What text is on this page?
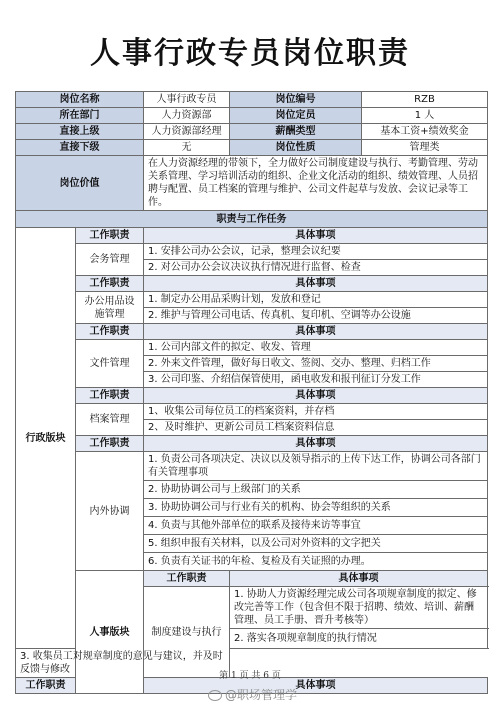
人事行政专员岗位职责
岗位名称		人事行政专员	岗位编号	RZB
所在部门		人力资源部	岗位定员	1 人
直接上级		人力资源部经理	薪酬类型	基本工资+绩效奖金
直接下级		无	岗位性质	管理类
岗位价值		在人力资源经理的带领下，全力做好公司制度建设与执行、考勤管理、劳动关系管理、学习培训活动的组织、企业文化活动的组织、绩效管理、人员招聘与配置、员工档案的管理与维护、公司文件起草与发放、会议记录等工作。		
职责与工作任务				
行政版块	工作职责	具体事项		
	会务管理	1. 安排公司办公会议，记录，整理会议纪要		
		2. 对公司办公会议决议执行情况进行监督、检查		
	工作职责	具体事项		
	办公用品设施管理	1. 制定办公用品采购计划，发放和登记		
		2. 维护与管理公司电话、传真机、复印机、空调等办公设施		
	工作职责	具体事项		
	文件管理	1. 公司内部文件的拟定、收发、管理		
		2. 外来文件管理，做好每日收文、签阅、交办、整理、归档工作		
		3. 公司印鉴、介绍信保管使用，函电收发和报刊征订分发工作		
	工作职责	具体事项		
	档案管理	1、收集公司每位员工的档案资料，并存档		
		2、及时维护、更新公司员工档案资料信息		
	工作职责	具体事项		
	内外协调	1. 负责公司各项决定、决议以及领导指示的上传下达工作，协调公司各部门有关管理事项		
		2. 协助协调公司与上级部门的关系		
		3. 协助协调公司与行业有关的机构、协会等组织的关系		
		4. 负责与其他外部单位的联系及接待来访等事宜		
		5. 组织申报有关材料，以及公司对外资料的文字把关		
		6. 负责有关证书的年检、复检及有关证照的办理。		
	人事版块	工作职责	具体事项	
		制度建设与执行	1. 协助人力资源经理完成公司各项规章制度的拟定、修改完善等工作（包含但不限于招聘、绩效、培训、薪酬管理、员工手册、晋升考核等）	
			2. 落实各项规章制度的执行情况	
3. 收集员工对规章制度的意见与建议，并及时反馈与修改				
工作职责		具体事项		
第 1 页 共 6 页
@职场管理学
